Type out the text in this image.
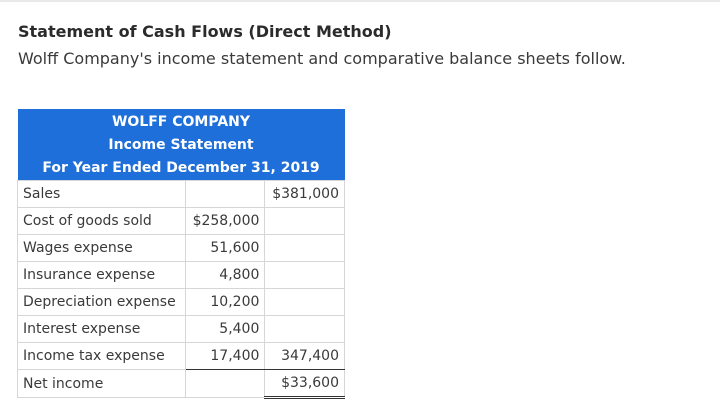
Statement of Cash Flows (Direct Method)
Wolff Company's income statement and comparative balance sheets follow.
WOLFF COMPANY		
Income Statement		
For Year Ended December 31, 2019		
Sales		$381,000
Cost of goods sold	$258,000	
Wages expense	51,600	
Insurance expense	4,800	
Depreciation expense	10,200	
Interest expense	5,400	
Income tax expense	17,400	347,400
Net income		$33,600
